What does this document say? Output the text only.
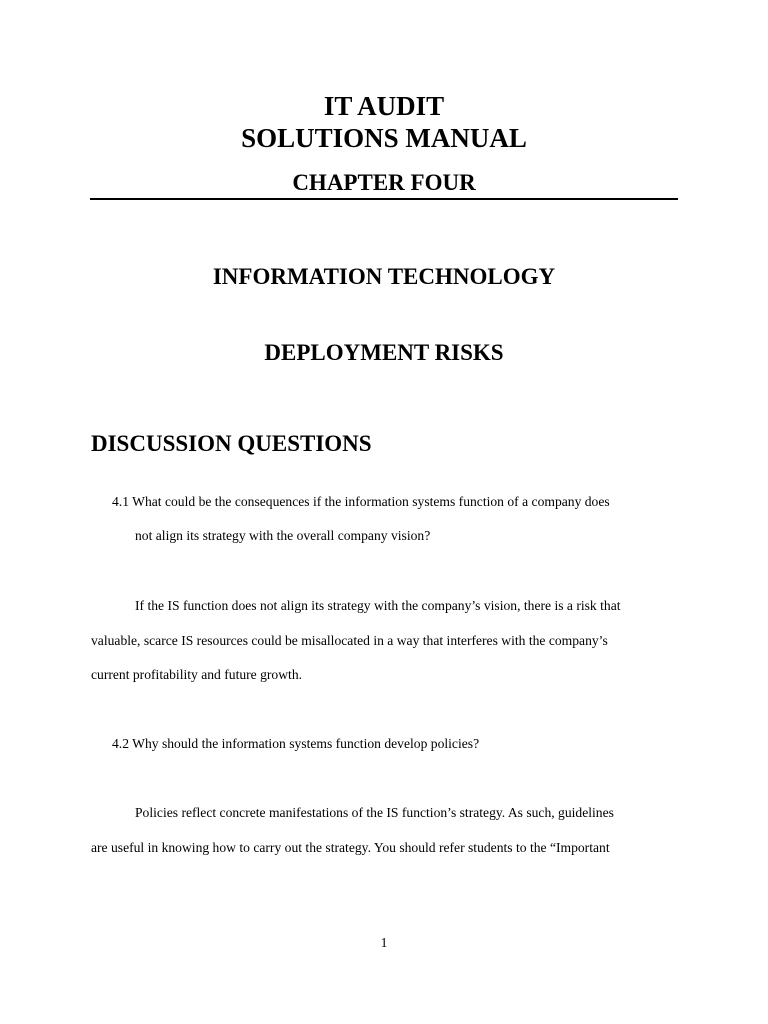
IT AUDIT
SOLUTIONS MANUAL
CHAPTER FOUR
INFORMATION TECHNOLOGY
DEPLOYMENT RISKS
DISCUSSION QUESTIONS
4.1 What could be the consequences if the information systems function of a company does
not align its strategy with the overall company vision?
If the IS function does not align its strategy with the company’s vision, there is a risk that
valuable, scarce IS resources could be misallocated in a way that interferes with the company’s
current profitability and future growth.
4.2 Why should the information systems function develop policies?
Policies reflect concrete manifestations of the IS function’s strategy. As such, guidelines
are useful in knowing how to carry out the strategy. You should refer students to the “Important
1
